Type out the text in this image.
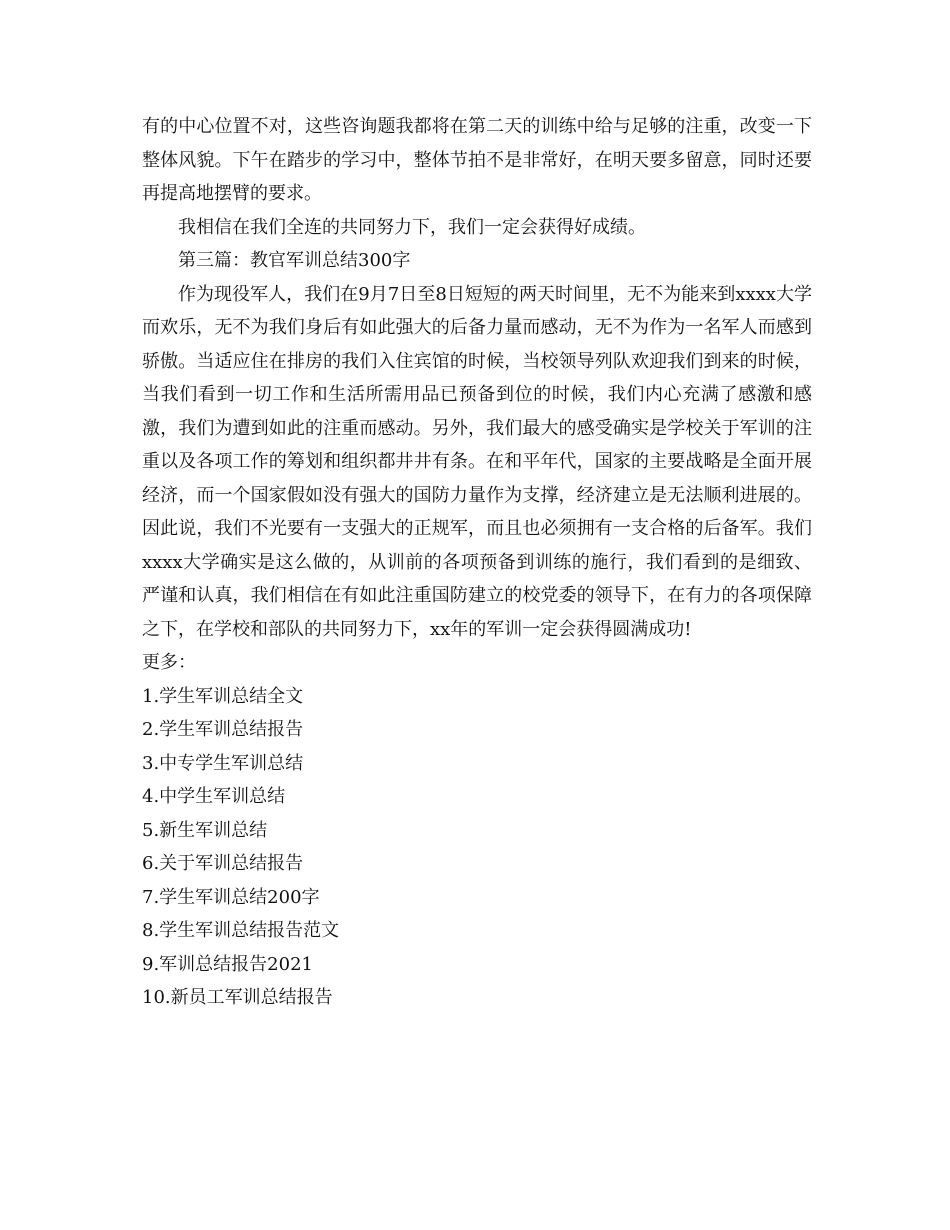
有的中心位置不对，这些咨询题我都将在第二天的训练中给与足够的注重，改变一下整体风貌。下午在踏步的学习中，整体节拍不是非常好，在明天要多留意，同时还要再提高地摆臂的要求。

我相信在我们全连的共同努力下，我们一定会获得好成绩。

第三篇：教官军训总结300字

作为现役军人，我们在9月7日至8日短短的两天时间里，无不为能来到xxxx大学而欢乐，无不为我们身后有如此强大的后备力量而感动，无不为作为一名军人而感到骄傲。当适应住在排房的我们入住宾馆的时候，当校领导列队欢迎我们到来的时候，当我们看到一切工作和生活所需用品已预备到位的时候，我们内心充满了感激和感激，我们为遭到如此的注重而感动。另外，我们最大的感受确实是学校关于军训的注重以及各项工作的筹划和组织都井井有条。在和平年代，国家的主要战略是全面开展经济，而一个国家假如没有强大的国防力量作为支撑，经济建立是无法顺利进展的。因此说，我们不光要有一支强大的正规军，而且也必须拥有一支合格的后备军。我们xxxx大学确实是这么做的，从训前的各项预备到训练的施行，我们看到的是细致、严谨和认真，我们相信在有如此注重国防建立的校党委的领导下，在有力的各项保障之下，在学校和部队的共同努力下，xx年的军训一定会获得圆满成功!

更多：

1.学生军训总结全文
2.学生军训总结报告
3.中专学生军训总结
4.中学生军训总结
5.新生军训总结
6.关于军训总结报告
7.学生军训总结200字
8.学生军训总结报告范文
9.军训总结报告2021
10.新员工军训总结报告
